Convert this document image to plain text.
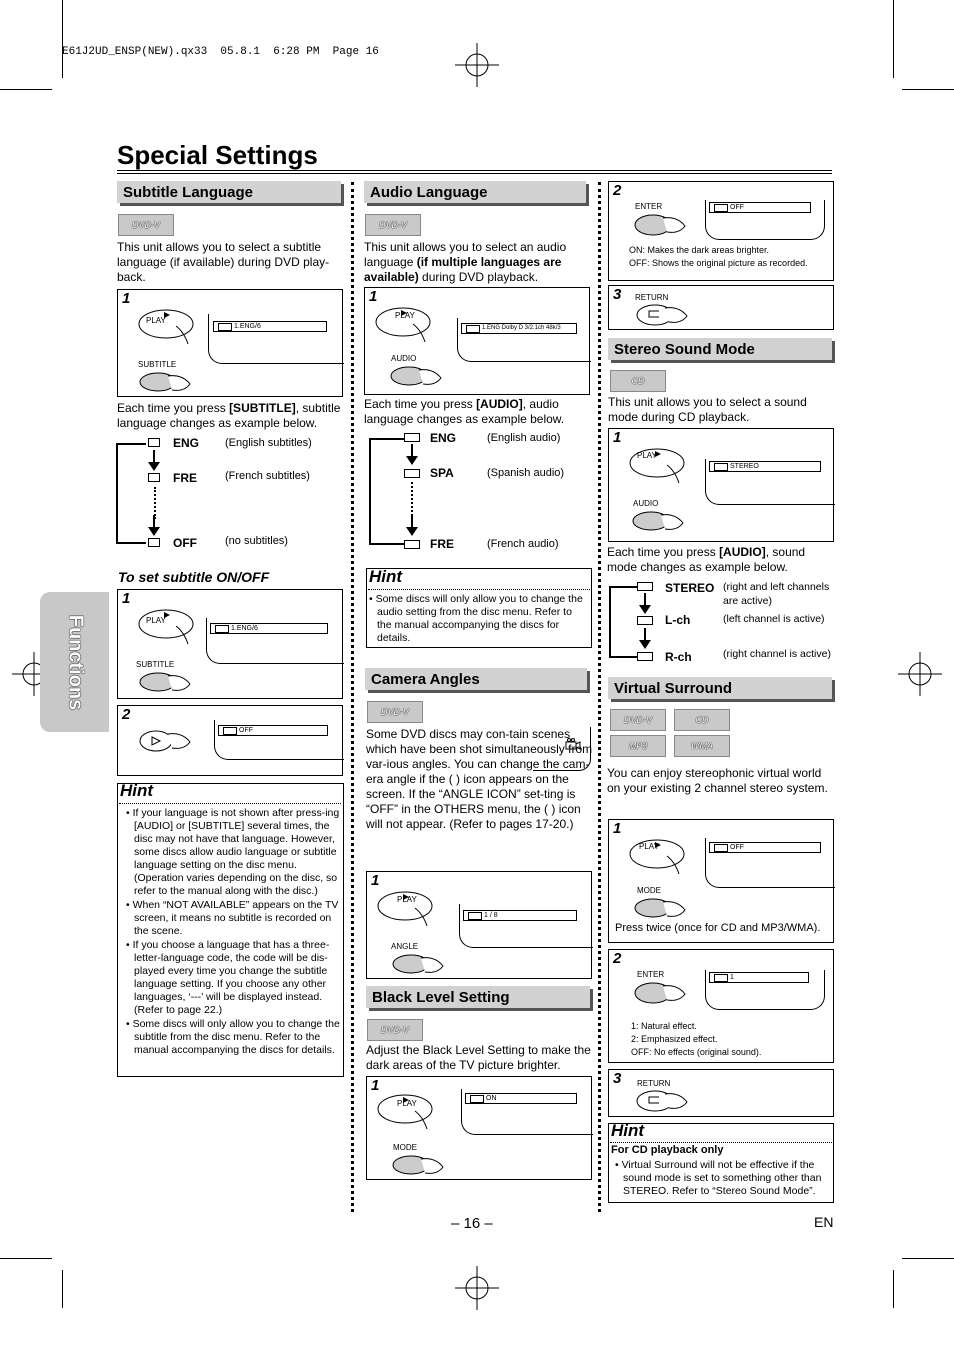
E61J2UD_ENSP(NEW).qx33  05.8.1  6:28 PM  Page 16
Special Settings
Functions
Subtitle Language
DVD-V
This unit allows you to select a subtitle language (if available) during DVD play-back.
1
PLAY
SUBTITLE
1.ENG/6
Each time you press [SUBTITLE], subtitle language changes as example below.
ENG (English subtitles)
FRE	(French subtitles)
OFF	(no subtitles)
To set subtitle ON/OFF
1
PLAY
SUBTITLE
1.ENG/6
2
OFF
Hint
• If your language is not shown after press-ing [AUDIO] or [SUBTITLE] several times, the disc may not have that language. However, some discs allow audio language or subtitle language setting on the disc menu. (Operation varies depending on the disc, so refer to the manual along with the disc.)
• When “NOT AVAILABLE” appears on the TV screen, it means no subtitle is recorded on the scene.
• If you choose a language that has a three-letter-language code, the code will be dis-played every time you change the subtitle language setting. If you choose any other languages, ‘---’ will be displayed instead. (Refer to page 22.)
• Some discs will only allow you to change the subtitle from the disc menu. Refer to the manual accompanying the discs for details.
Audio Language
DVD-V
This unit allows you to select an audio language (if multiple languages are available) during DVD playback.
1
PLAY
AUDIO
1.ENG Dolby D 3/2.1ch 48k/3
Each time you press [AUDIO], audio language changes as example below.
ENG	(English audio)
SPA	(Spanish audio)
FRE	(French audio)
Hint
• Some discs will only allow you to change the audio setting from the disc menu. Refer to the manual accompanying the discs for details.
Camera Angles
DVD-V
Some DVD discs may con-tain scenes which have been shot simultaneously from var-ious angles. You can change the cam-era angle if the ( ) icon appears on the screen. If the “ANGLE ICON” set-ting is “OFF” in the OTHERS menu, the ( ) icon will not appear. (Refer to pages 17-20.)
1
PLAY
ANGLE
1 / 8
Black Level Setting
DVD-V
Adjust the Black Level Setting to make the dark areas of the TV picture brighter.
1
PLAY
MODE
ON
2
ENTER	OFF
ON: Makes the dark areas brighter.
OFF: Shows the original picture as recorded.
3 RETURN
Stereo Sound Mode
CD
This unit allows you to select a sound mode during CD playback.
1
PLAY
AUDIO
STEREO
Each time you press [AUDIO], sound mode changes as example below.
STEREO (right and left channels are active)
L-ch	(left channel is active)
R-ch	(right channel is active)
Virtual Surround
DVD-V	CD
MP3	WMA
You can enjoy stereophonic virtual world on your existing 2 channel stereo system.
1
PLAY
MODE
OFF
Press twice (once for CD and MP3/WMA).
2
ENTER	1
1: Natural effect.
2: Emphasized effect.
OFF: No effects (original sound).
3 RETURN
Hint
For CD playback only
• Virtual Surround will not be effective if the sound mode is set to something other than STEREO. Refer to “Stereo Sound Mode”.
– 16 –	EN
